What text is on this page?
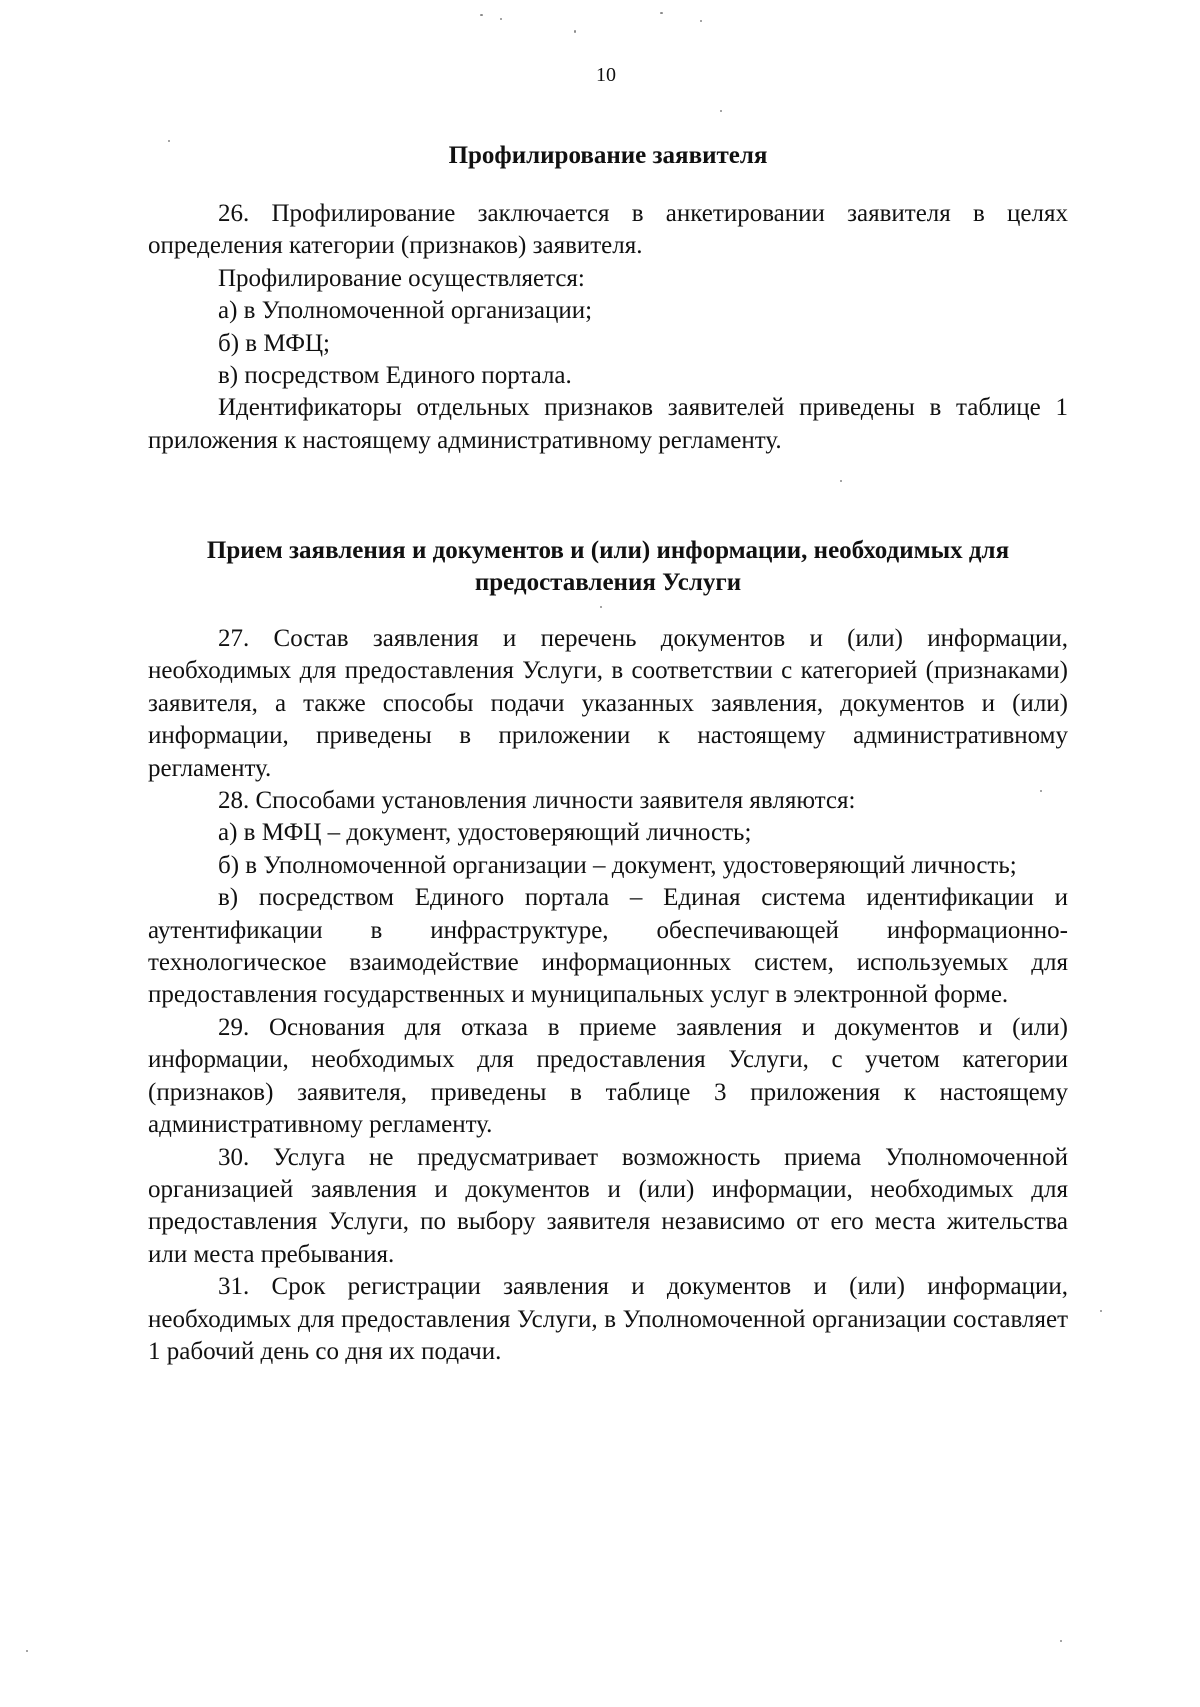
10
Профилирование заявителя

26. Профилирование заключается в анкетировании заявителя в целях определения категории (признаков) заявителя.

Профилирование осуществляется:

а) в Уполномоченной организации;

б) в МФЦ;

в) посредством Единого портала.

Идентификаторы отдельных признаков заявителей приведены в таблице 1 приложения к настоящему административному регламенту.

Прием заявления и документов и (или) информации, необходимых для предоставления Услуги

27. Состав заявления и перечень документов и (или) информации, необходимых для предоставления Услуги, в соответствии с категорией (признаками) заявителя, а также способы подачи указанных заявления, документов и (или) информации, приведены в приложении к настоящему административному регламенту.

28. Способами установления личности заявителя являются:

а) в МФЦ – документ, удостоверяющий личность;

б) в Уполномоченной организации – документ, удостоверяющий личность;

в) посредством Единого портала – Единая система идентификации и аутентификации в инфраструктуре, обеспечивающей информационно-технологическое взаимодействие информационных систем, используемых для предоставления государственных и муниципальных услуг в электронной форме.

29. Основания для отказа в приеме заявления и документов и (или) информации, необходимых для предоставления Услуги, с учетом категории (признаков) заявителя, приведены в таблице 3 приложения к настоящему административному регламенту.

30. Услуга не предусматривает возможность приема Уполномоченной организацией заявления и документов и (или) информации, необходимых для предоставления Услуги, по выбору заявителя независимо от его места жительства или места пребывания.

31. Срок регистрации заявления и документов и (или) информации, необходимых для предоставления Услуги, в Уполномоченной организации составляет 1 рабочий день со дня их подачи.
